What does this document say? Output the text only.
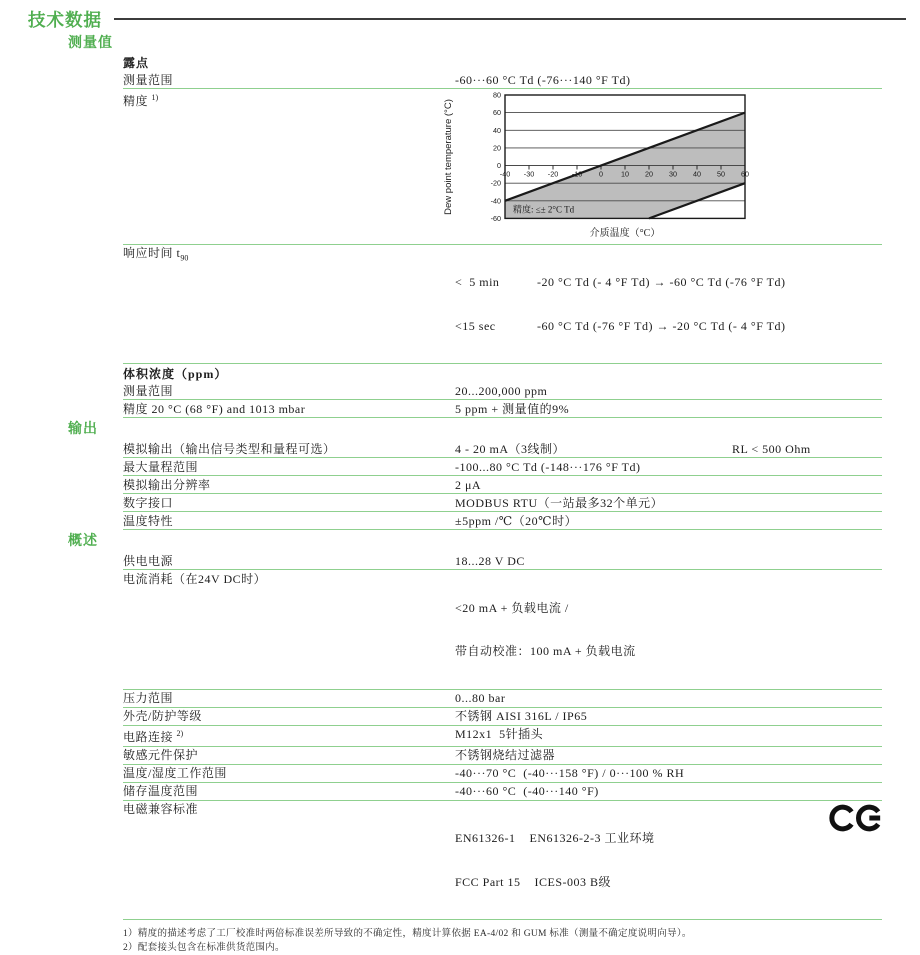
技术数据
测量值
露点
测量范围	-60···60 °C Td (-76···140 °F Td)
精度 $^{1)}$
-40 -30 -20 -10 0	10 20 30 40 50 60
80
60
40
20
0
-20
-40
-60
精度: ≤± 2°C Td
Dew point temperature (°C)
介质温度（°C）
响应时间 $t_{90}$

<  5 min	-20 °C Td (- 4 °F Td) → -60 °C Td (-76 °F Td)

<15 sec	-60 °C Td (-76 °F Td) → -20 °C Td (- 4 °F Td)

体积浓度（ppm）
测量范围	20...200,000 ppm
精度 20 °C (68 °F) and 1013 mbar	5 ppm + 测量值的9%
输出
模拟输出（输出信号类型和量程可选）	4 - 20 mA（3线制）	RL < 500 Ohm
最大量程范围	-100...80 °C Td (-148···176 °F Td)
模拟输出分辨率	2 μA
数字接口	MODBUS RTU（一站最多32个单元）
温度特性	±5ppm /℃（20℃时）
概述
供电电源	18...28 V DC
电流消耗（在24V DC时）

<20 mA + 负载电流 /

带自动校准：100 mA + 负载电流

压力范围	0...80 bar
外壳/防护等级	不锈钢 AISI 316L / IP65
电路连接 $^{2)}$	M12x1  5针插头
敏感元件保护	不锈钢烧结过滤器
温度/湿度工作范围	-40···70 °C  (-40···158 °F) / 0···100 % RH
储存温度范围	-40···60 °C  (-40···140 °F)
电磁兼容标准

EN61326-1    EN61326-2-3 工业环境

FCC Part 15    ICES-003 B级

1）精度的描述考虑了工厂校准时两倍标准误差所导致的不确定性，精度计算依据 EA-4/02 和 GUM 标准（测量不确定度说明向导）。
2）配套接头包含在标准供货范围内。
